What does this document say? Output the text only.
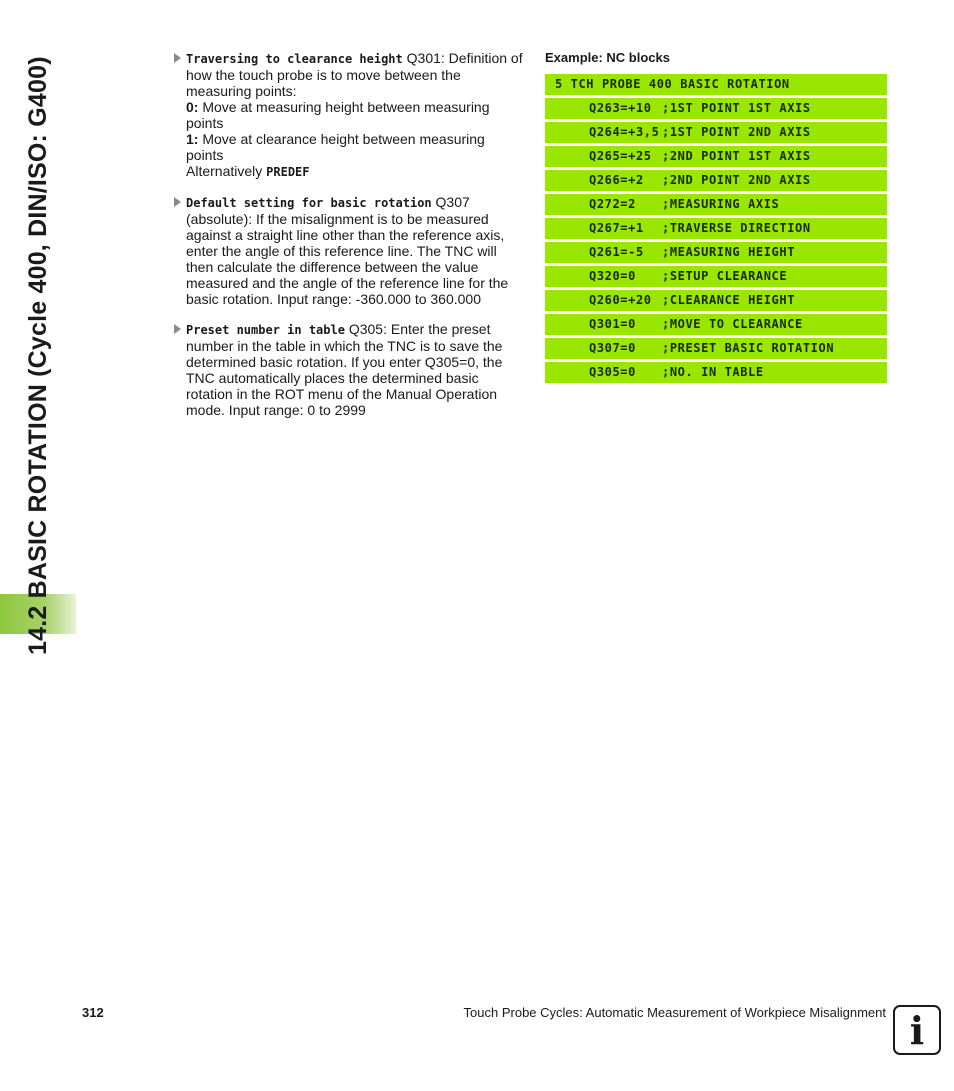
14.2 BASIC ROTATION (Cycle 400, DIN/ISO: G400)	Traversing to clearance height Q301: Definition of how the touch probe is to move between the measuring points:

0: Move at measuring height between measuring points

1: Move at clearance height between measuring points

Alternatively PREDEF

Default setting for basic rotation Q307 (absolute): If the misalignment is to be measured against a straight line other than the reference axis, enter the angle of this reference line. The TNC will then calculate the difference between the value measured and the angle of the reference line for the basic rotation. Input range: -360.000 to 360.000

Preset number in table Q305: Enter the preset number in the table in which the TNC is to save the determined basic rotation. If you enter Q305=0, the TNC automatically places the determined basic rotation in the ROT menu of the Manual Operation mode. Input range: 0 to 2999

Example: NC blocks

5 TCH PROBE 400 BASIC ROTATION
Q263=+10 ;1ST POINT 1ST AXIS
Q264=+3,5 ;1ST POINT 2ND AXIS
Q265=+25 ;2ND POINT 1ST AXIS
Q266=+2 ;2ND POINT 2ND AXIS
Q272=2 ;MEASURING AXIS
Q267=+1 ;TRAVERSE DIRECTION
Q261=-5 ;MEASURING HEIGHT
Q320=0 ;SETUP CLEARANCE
Q260=+20 ;CLEARANCE HEIGHT
Q301=0 ;MOVE TO CLEARANCE
Q307=0 ;PRESET BASIC ROTATION
Q305=0 ;NO. IN TABLE
312	Touch Probe Cycles: Automatic Measurement of Workpiece Misalignment i
